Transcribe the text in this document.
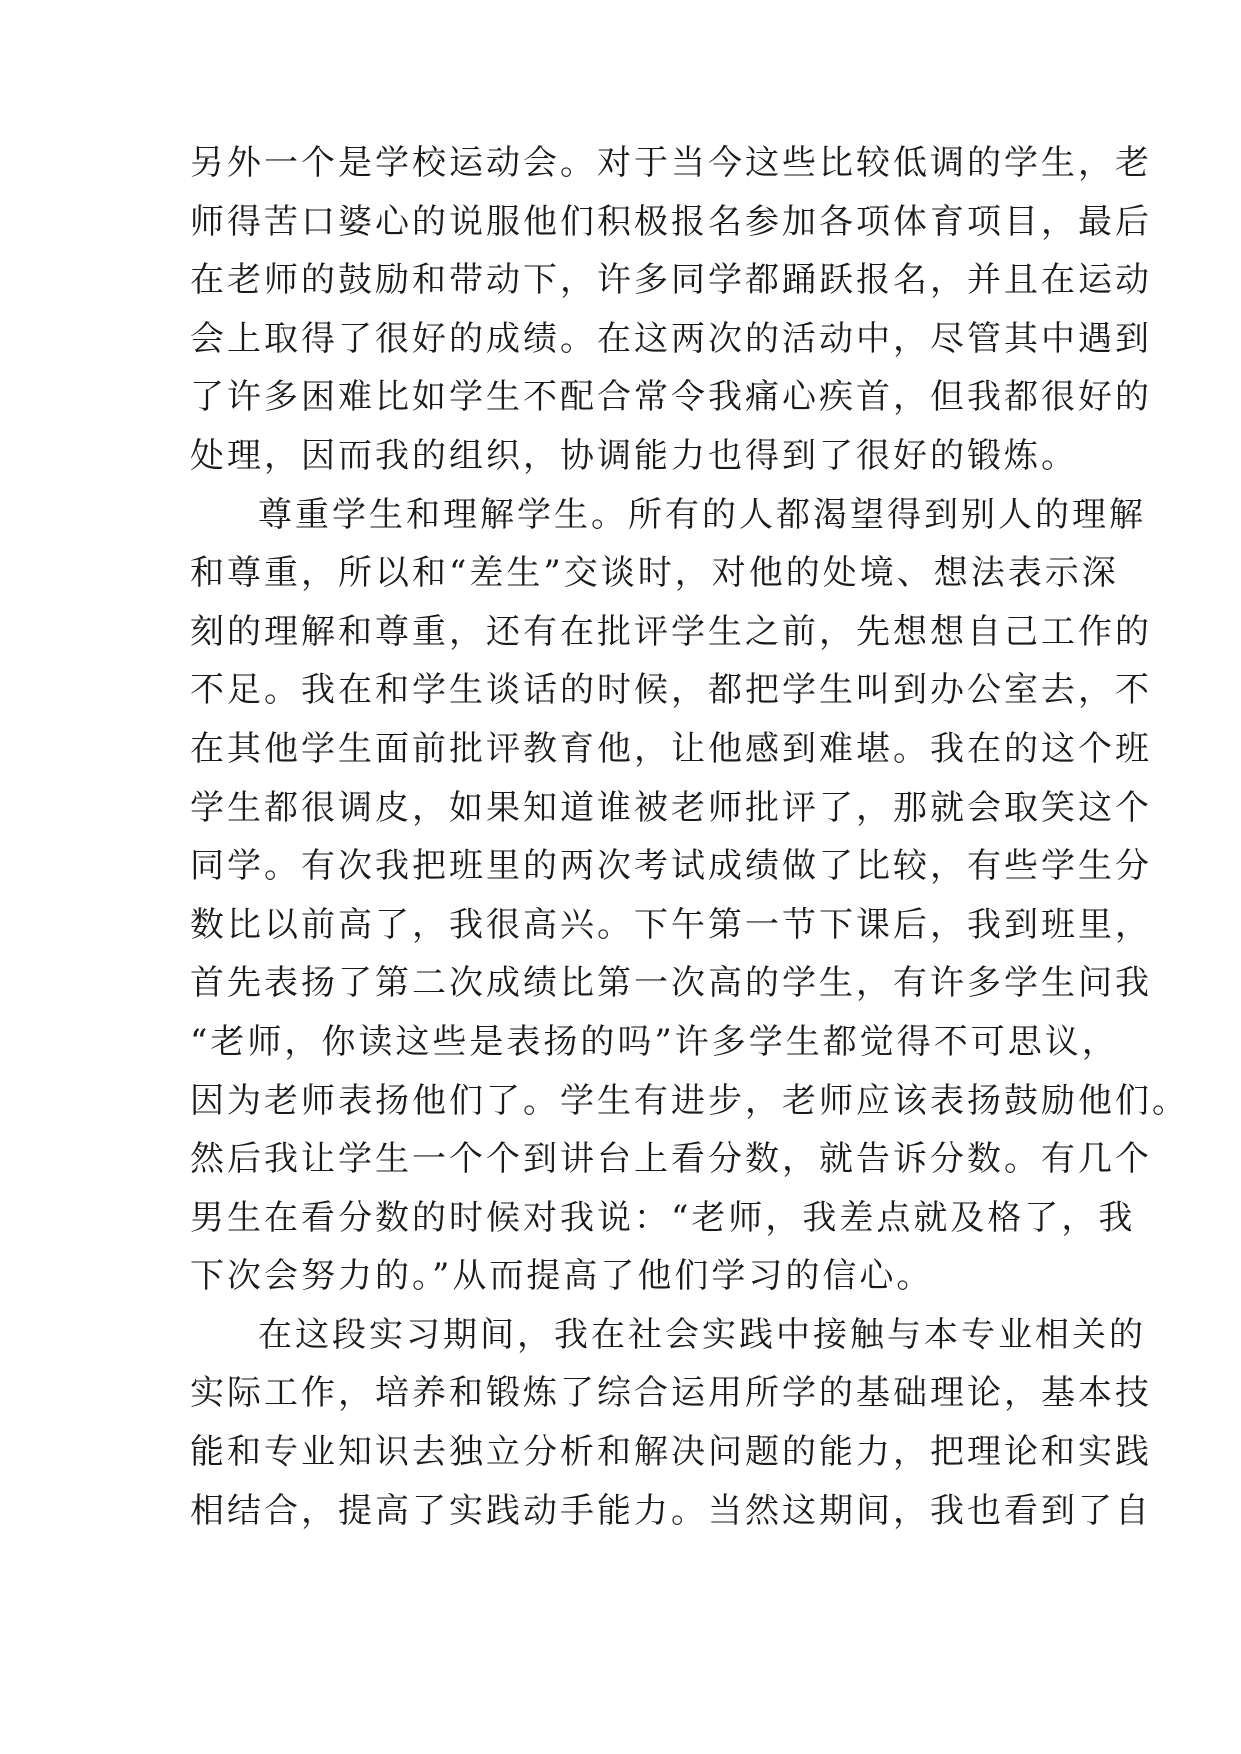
另外一个是学校运动会。对于当今这些比较低调的学生，老
师得苦口婆心的说服他们积极报名参加各项体育项目，最后
在老师的鼓励和带动下，许多同学都踊跃报名，并且在运动
会上取得了很好的成绩。在这两次的活动中，尽管其中遇到
了许多困难比如学生不配合常令我痛心疾首，但我都很好的
处理，因而我的组织，协调能力也得到了很好的锻炼。
尊重学生和理解学生。所有的人都渴望得到别人的理解
和尊重，所以和“差生”交谈时，对他的处境、想法表示深
刻的理解和尊重，还有在批评学生之前，先想想自己工作的
不足。我在和学生谈话的时候，都把学生叫到办公室去，不
在其他学生面前批评教育他，让他感到难堪。我在的这个班
学生都很调皮，如果知道谁被老师批评了，那就会取笑这个
同学。有次我把班里的两次考试成绩做了比较，有些学生分
数比以前高了，我很高兴。下午第一节下课后，我到班里，
首先表扬了第二次成绩比第一次高的学生，有许多学生问我
“老师，你读这些是表扬的吗”许多学生都觉得不可思议，
因为老师表扬他们了。学生有进步，老师应该表扬鼓励他们。
然后我让学生一个个到讲台上看分数，就告诉分数。有几个
男生在看分数的时候对我说：“老师，我差点就及格了，我
下次会努力的。”从而提高了他们学习的信心。
在这段实习期间，我在社会实践中接触与本专业相关的
实际工作，培养和锻炼了综合运用所学的基础理论，基本技
能和专业知识去独立分析和解决问题的能力，把理论和实践
相结合，提高了实践动手能力。当然这期间，我也看到了自
